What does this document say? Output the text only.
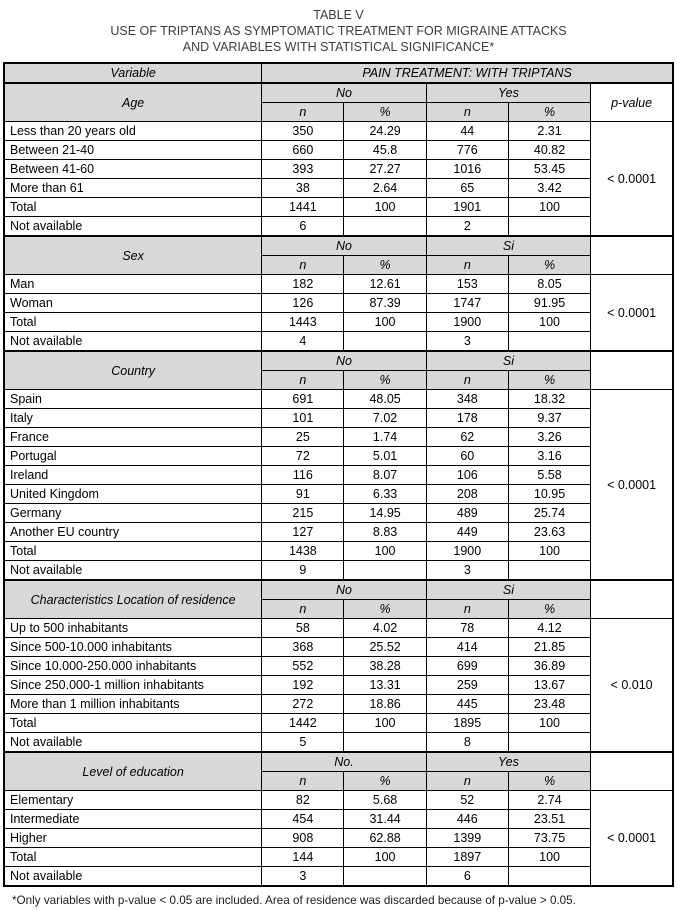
TABLE V
USE OF TRIPTANS AS SYMPTOMATIC TREATMENT FOR MIGRAINE ATTACKS
AND VARIABLES WITH STATISTICAL SIGNIFICANCE*
Variable	PAIN TREATMENT: WITH TRIPTANS				
Age	No		Yes		p-value
	n	%	n	%	
Less than 20 years old	350	24.29	44	2.31	< 0.0001
Between 21-40	660	45.8	776	40.82	
Between 41-60	393	27.27	1016	53.45	
More than 61	38	2.64	65	3.42	
Total	1441	100	1901	100	
Not available	6		2		
Sex	No		Si		
	n	%	n	%	
Man	182	12.61	153	8.05	< 0.0001
Woman	126	87.39	1747	91.95	
Total	1443	100	1900	100	
Not available	4		3		
Country	No		Si		
	n	%	n	%	
Spain	691	48.05	348	18.32	< 0.0001
Italy	101	7.02	178	9.37	
France	25	1.74	62	3.26	
Portugal	72	5.01	60	3.16	
Ireland	116	8.07	106	5.58	
United Kingdom	91	6.33	208	10.95	
Germany	215	14.95	489	25.74	
Another EU country	127	8.83	449	23.63	
Total	1438	100	1900	100	
Not available	9		3		
Characteristics Location of residence	No		Si		
	n	%	n	%	
Up to 500 inhabitants	58	4.02	78	4.12	< 0.010
Since 500-10.000 inhabitants	368	25.52	414	21.85	
Since 10.000-250.000 inhabitants	552	38.28	699	36.89	
Since 250.000-1 million inhabitants	192	13.31	259	13.67	
More than 1 million inhabitants	272	18.86	445	23.48	
Total	1442	100	1895	100	
Not available	5		8		
Level of education	No.		Yes		
	n	%	n	%	
Elementary	82	5.68	52	2.74	< 0.0001
Intermediate	454	31.44	446	23.51	
Higher	908	62.88	1399	73.75	
Total	144	100	1897	100	
Not available	3		6		
*Only variables with p-value < 0.05 are included. Area of residence was discarded because of p-value > 0.05.
